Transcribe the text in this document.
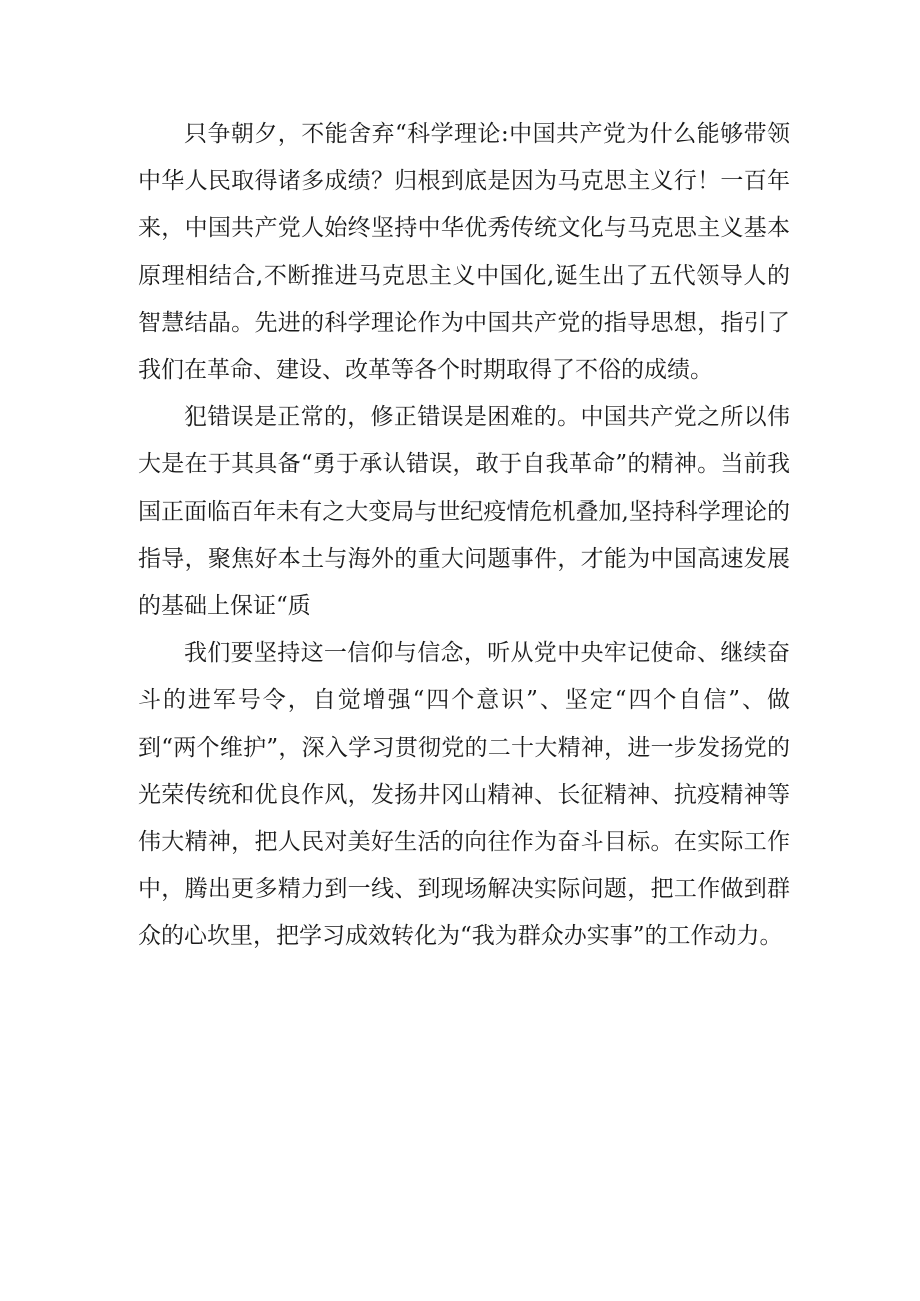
只争朝夕，不能舍弃“科学理论:中国共产党为什么能够带领中华人民取得诸多成绩？归根到底是因为马克思主义行！一百年来，中国共产党人始终坚持中华优秀传统文化与马克思主义基本原理相结合,不断推进马克思主义中国化,诞生出了五代领导人的智慧结晶。先进的科学理论作为中国共产党的指导思想，指引了我们在革命、建设、改革等各个时期取得了不俗的成绩。

犯错误是正常的，修正错误是困难的。中国共产党之所以伟大是在于其具备“勇于承认错误，敢于自我革命”的精神。当前我国正面临百年未有之大变局与世纪疫情危机叠加,坚持科学理论的指导，聚焦好本土与海外的重大问题事件，才能为中国高速发展的基础上保证“质

我们要坚持这一信仰与信念，听从党中央牢记使命、继续奋斗的进军号令，自觉增强“四个意识”、坚定“四个自信”、做到“两个维护”，深入学习贯彻党的二十大精神，进一步发扬党的光荣传统和优良作风，发扬井冈山精神、长征精神、抗疫精神等伟大精神，把人民对美好生活的向往作为奋斗目标。在实际工作中，腾出更多精力到一线、到现场解决实际问题，把工作做到群众的心坎里，把学习成效转化为“我为群众办实事”的工作动力。
